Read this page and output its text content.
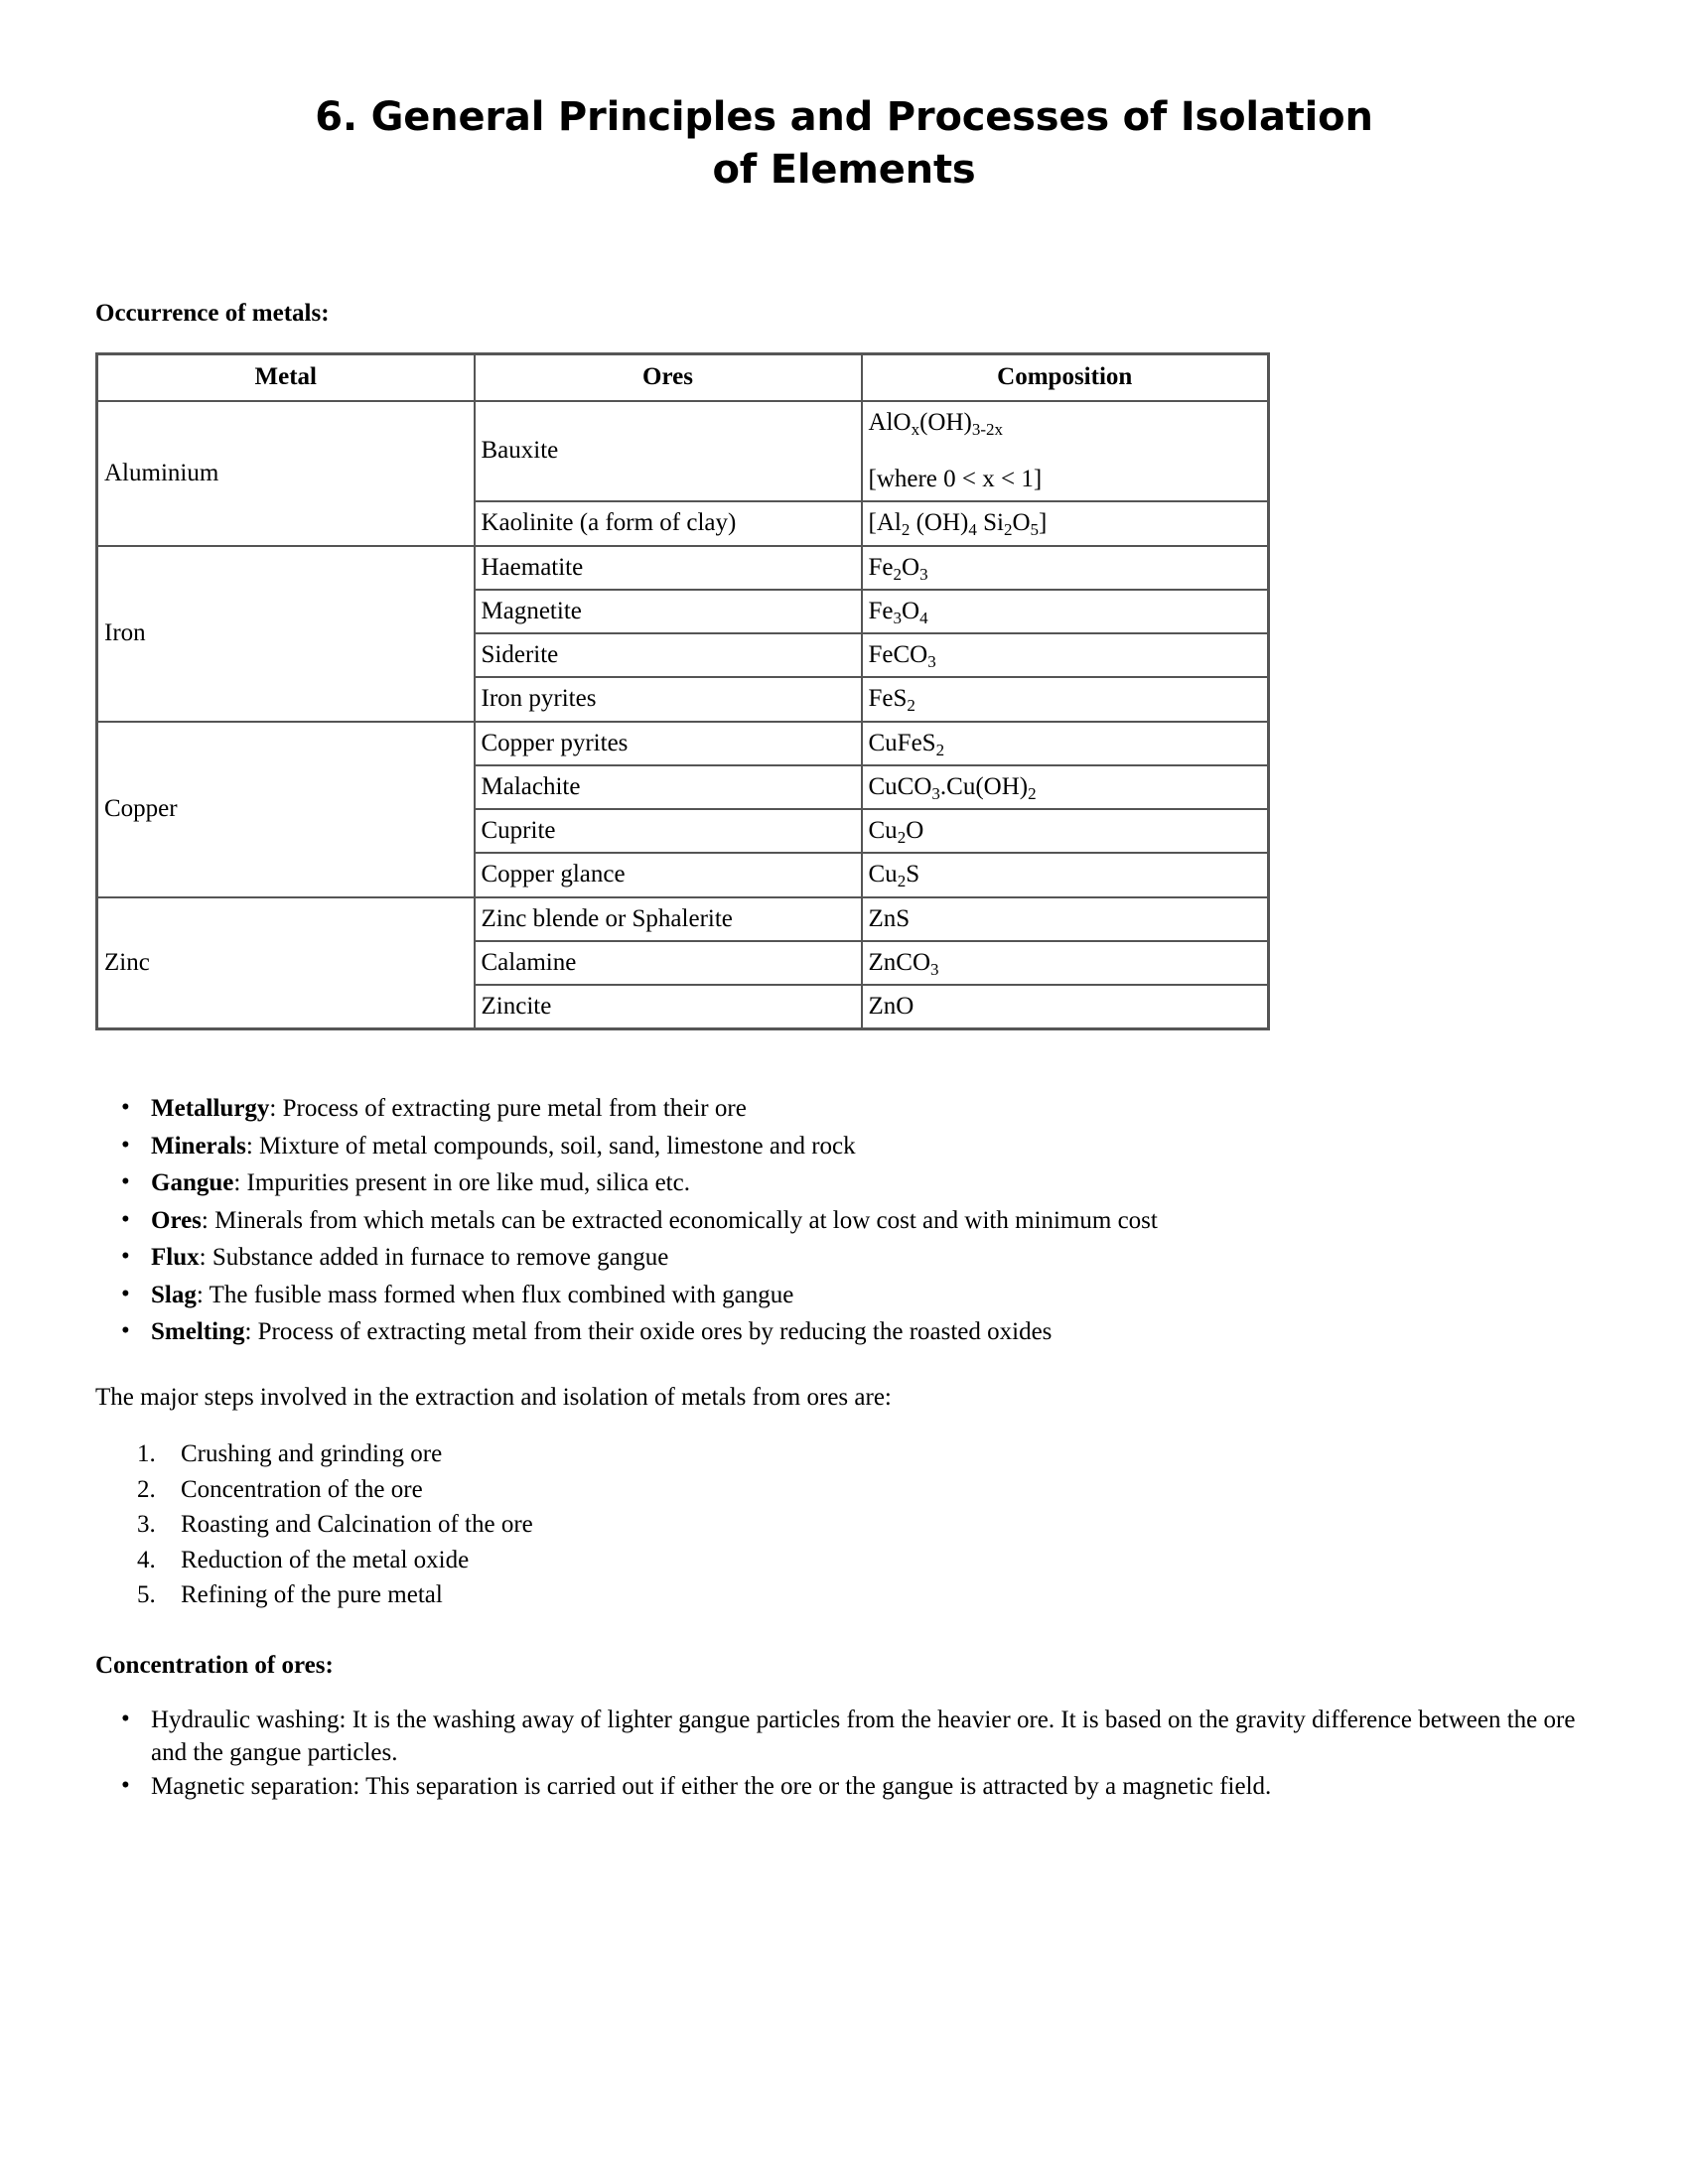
6. General Principles and Processes of Isolation
of Elements
Occurrence of metals:
Metal	Ores	Composition
Aluminium	Bauxite	$AlO_x(OH)_{3-2x}$
[where 0 < x < 1]

	Kaolinite (a form of clay)	[$Al_2$ $(OH)_4$ $Si_2O_5$]
Iron	Haematite	$Fe_2O_3$
	Magnetite	$Fe_3O_4$
	Siderite	FeCO$_3$
	Iron pyrites	FeS$_2$
Copper	Copper pyrites	CuFeS$_2$
	Malachite	$CuCO_3.Cu(OH)_2$
	Cuprite	$Cu_2O$
	Copper glance	$Cu_2S$
Zinc	Zinc blende or Sphalerite	ZnS
	Calamine	ZnCO$_3$
	Zincite	ZnO
• Metallurgy: Process of extracting pure metal from their ore
• Minerals: Mixture of metal compounds, soil, sand, limestone and rock
• Gangue: Impurities present in ore like mud, silica etc.
• Ores: Minerals from which metals can be extracted economically at low cost and with minimum cost
• Flux: Substance added in furnace to remove gangue
• Slag: The fusible mass formed when flux combined with gangue
• Smelting: Process of extracting metal from their oxide ores by reducing the roasted oxides

The major steps involved in the extraction and isolation of metals from ores are:

Crushing and grinding ore
Concentration of the ore
Roasting and Calcination of the ore
Reduction of the metal oxide
Refining of the pure metal
Concentration of ores:
• Hydraulic washing: It is the washing away of lighter gangue particles from the heavier ore. It is based on the gravity difference between the ore and the gangue particles.
• Magnetic separation: This separation is carried out if either the ore or the gangue is attracted by a magnetic field.
